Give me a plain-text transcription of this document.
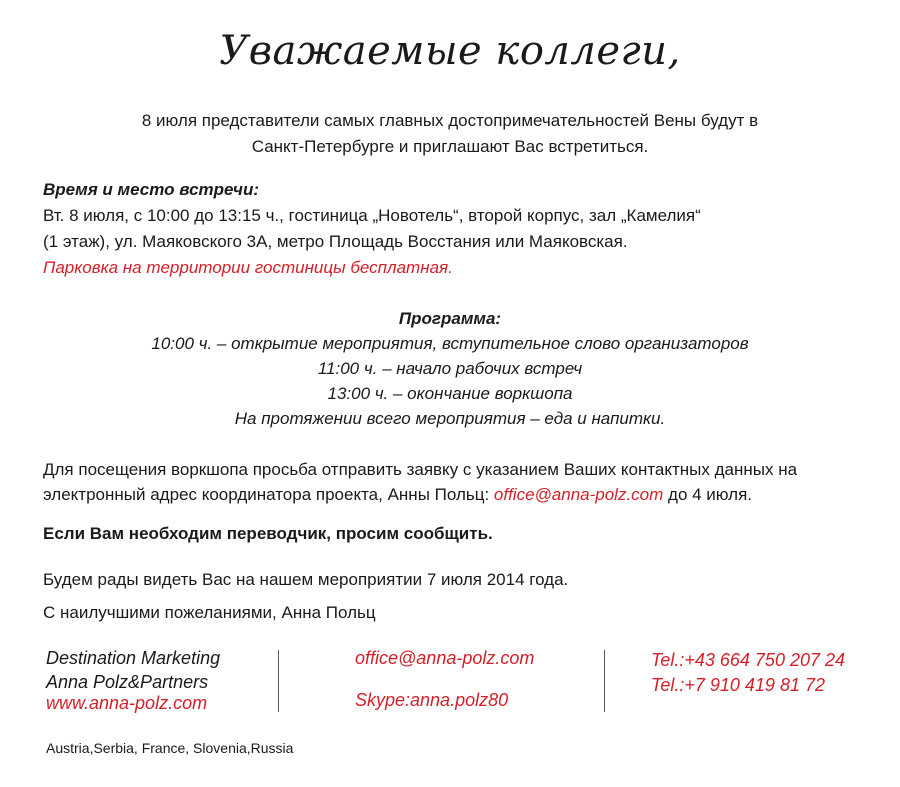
Уважаемые коллеги,
8 июля представители самых главных достопримечательностей Вены будут в
Санкт-Петербурге и приглашают Вас встретиться.
Время и место встречи:
Вт. 8 июля, с 10:00 до 13:15 ч., гостиница „Новотель“, второй корпус, зал „Камелия“
(1 этаж), ул. Маяковского 3А, метро Площадь Восстания или Маяковская.
Парковка на территории гостиницы бесплатная.
Программа:
10:00 ч. – открытие мероприятия, вступительное слово организаторов
11:00 ч. – начало рабочих встреч
13:00 ч. – окончание воркшопа
На протяжении всего мероприятия – еда и напитки.
Для посещения воркшопа просьба отправить заявку с указанием Ваших контактных данных на
электронный адрес координатора проекта, Анны Польц: office@anna-polz.com до 4 июля.
Если Вам необходим переводчик, просим сообщить.
Будем рады видеть Вас на нашем мероприятии 7 июля 2014 года.
С наилучшими пожеланиями, Анна Польц
Destination Marketing
Anna Polz&Partners
www.anna-polz.com
office@anna-polz.com
Skype:anna.polz80
Tel.:+43 664 750 207 24
Tel.:+7 910 419 81 72
Austria,Serbia, France, Slovenia,Russia
